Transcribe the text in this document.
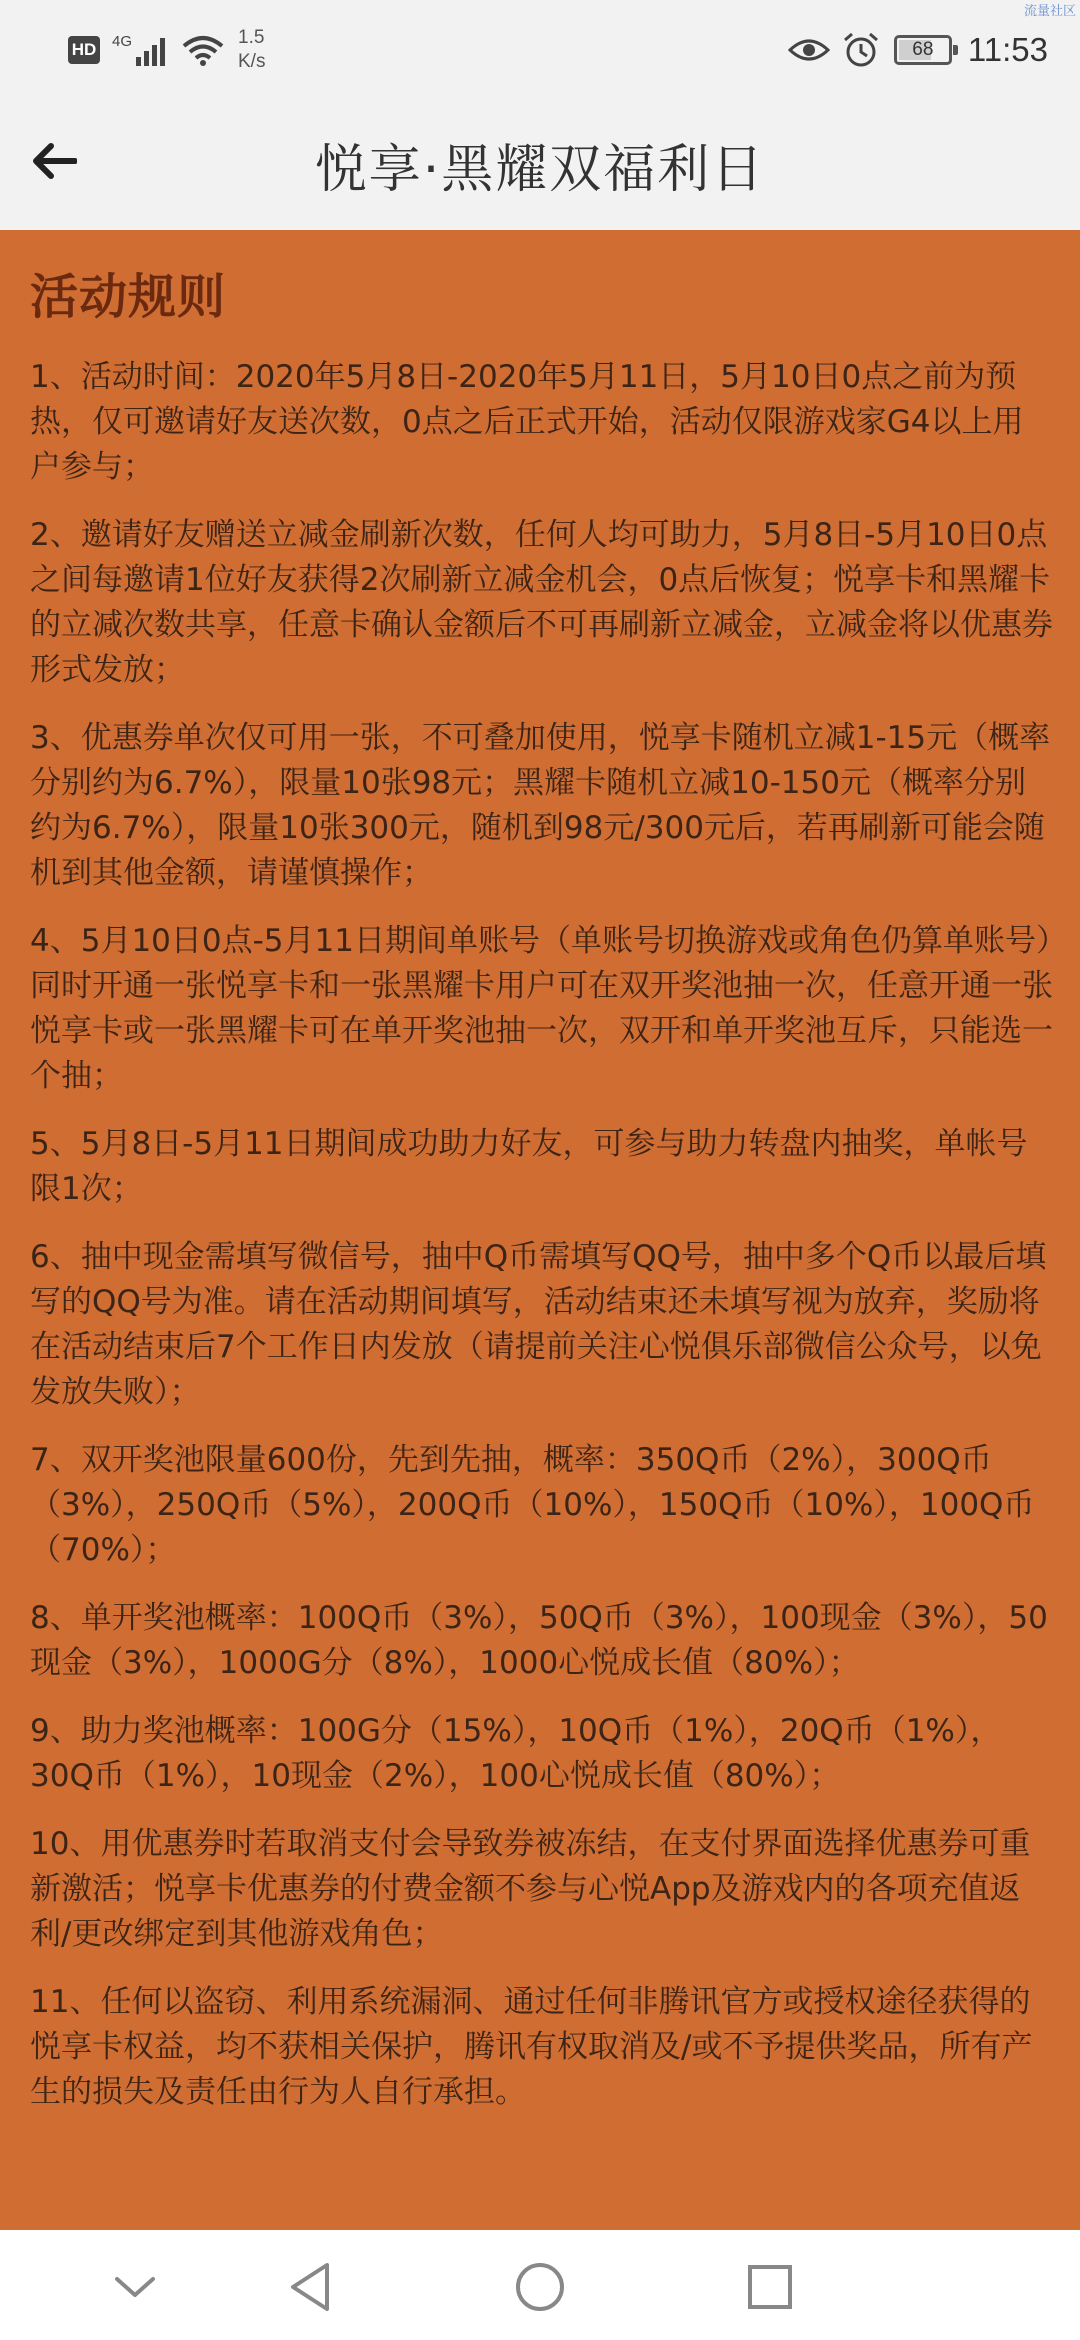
HD 4G	1.5
K/s
68	11:53
流量社区
悦享·黑耀双福利日
活动规则

1、活动时间：2020年5月8日-2020年5月11日，5月10日0点之前为预热，仅可邀请好友送次数，0点之后正式开始，活动仅限游戏家G4以上用户参与；

2、邀请好友赠送立减金刷新次数，任何人均可助力，5月8日-5月10日0点之间每邀请1位好友获得2次刷新立减金机会，0点后恢复；悦享卡和黑耀卡的立减次数共享，任意卡确认金额后不可再刷新立减金，立减金将以优惠券形式发放；

3、优惠券单次仅可用一张，不可叠加使用，悦享卡随机立减1-15元（概率分别约为6.7%），限量10张98元；黑耀卡随机立减10-150元（概率分别约为6.7%），限量10张300元，随机到98元/300元后，若再刷新可能会随机到其他金额，请谨慎操作；

4、5月10日0点-5月11日期间单账号（单账号切换游戏或角色仍算单账号）同时开通一张悦享卡和一张黑耀卡用户可在双开奖池抽一次，任意开通一张悦享卡或一张黑耀卡可在单开奖池抽一次，双开和单开奖池互斥，只能选一个抽；

5、5月8日-5月11日期间成功助力好友，可参与助力转盘内抽奖，单帐号限1次；

6、抽中现金需填写微信号，抽中Q币需填写QQ号，抽中多个Q币以最后填写的QQ号为准。请在活动期间填写，活动结束还未填写视为放弃，奖励将在活动结束后7个工作日内发放（请提前关注心悦俱乐部微信公众号，以免发放失败）；

7、双开奖池限量600份，先到先抽，概率：350Q币（2%），300Q币（3%），250Q币（5%），200Q币（10%），150Q币（10%），100Q币（70%）；

8、单开奖池概率：100Q币（3%），50Q币（3%），100现金（3%），50现金（3%），1000G分（8%），1000心悦成长值（80%）；

9、助力奖池概率：100G分（15%），10Q币（1%），20Q币（1%），30Q币（1%），10现金（2%），100心悦成长值（80%）；

10、用优惠券时若取消支付会导致券被冻结，在支付界面选择优惠券可重新激活；悦享卡优惠券的付费金额不参与心悦App及游戏内的各项充值返利/更改绑定到其他游戏角色；

11、任何以盗窃、利用系统漏洞、通过任何非腾讯官方或授权途径获得的悦享卡权益，均不获相关保护，腾讯有权取消及/或不予提供奖品，所有产生的损失及责任由行为人自行承担。
